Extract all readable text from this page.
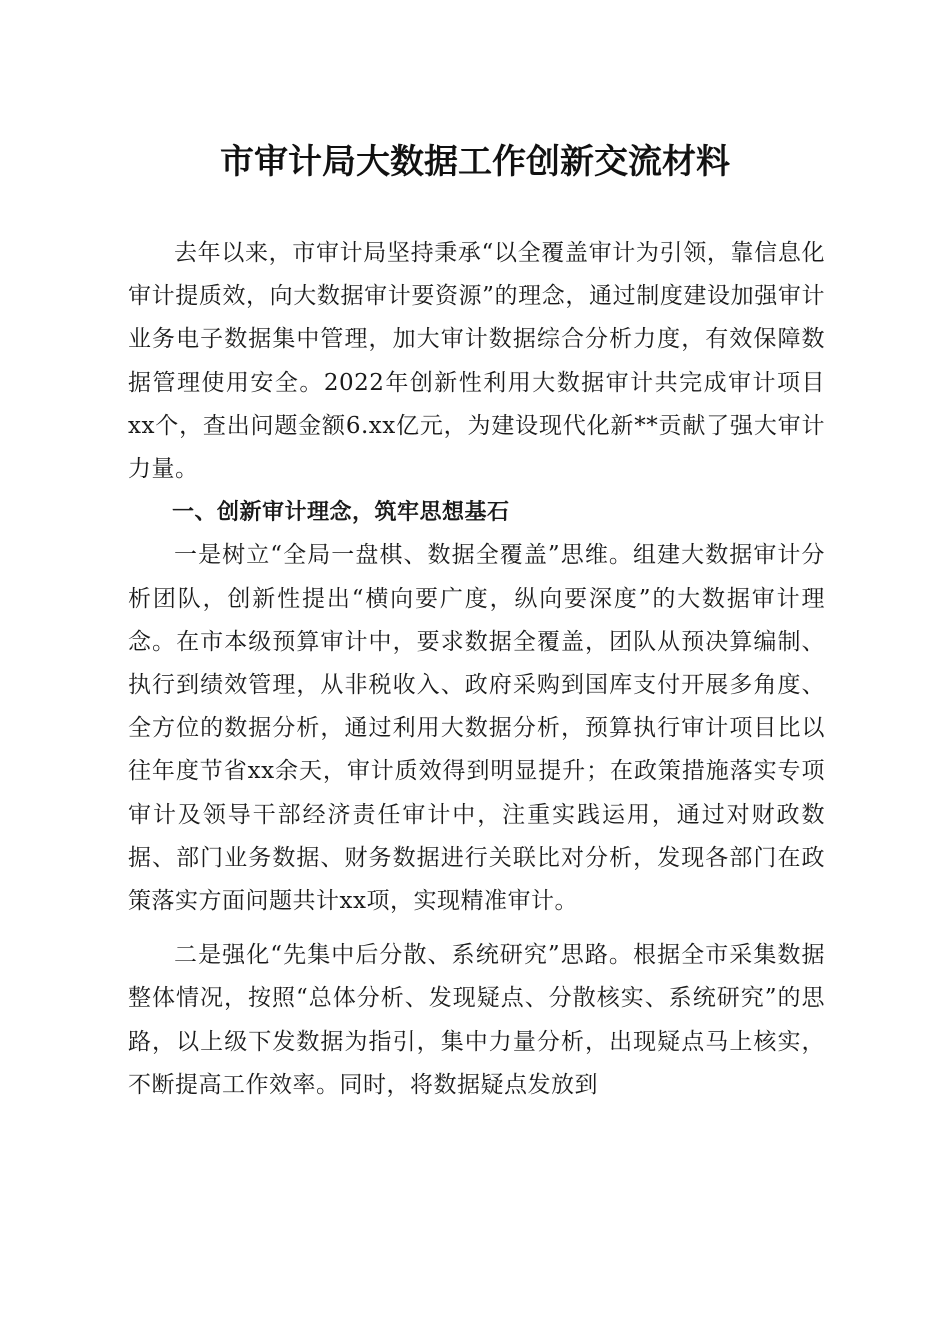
市审计局大数据工作创新交流材料

去年以来，市审计局坚持秉承“以全覆盖审计为引领，靠信息化审计提质效，向大数据审计要资源”的理念，通过制度建设加强审计业务电子数据集中管理，加大审计数据综合分析力度，有效保障数据管理使用安全。2022年创新性利用大数据审计共完成审计项目xx个，查出问题金额6.xx亿元，为建设现代化新**贡献了强大审计力量。

一、创新审计理念，筑牢思想基石

一是树立“全局一盘棋、数据全覆盖”思维。组建大数据审计分析团队，创新性提出“横向要广度，纵向要深度”的大数据审计理念。在市本级预算审计中，要求数据全覆盖，团队从预决算编制、执行到绩效管理，从非税收入、政府采购到国库支付开展多角度、全方位的数据分析，通过利用大数据分析，预算执行审计项目比以往年度节省xx余天，审计质效得到明显提升；在政策措施落实专项审计及领导干部经济责任审计中，注重实践运用，通过对财政数据、部门业务数据、财务数据进行关联比对分析，发现各部门在政策落实方面问题共计xx项，实现精准审计。

二是强化“先集中后分散、系统研究”思路。根据全市采集数据整体情况，按照“总体分析、发现疑点、分散核实、系统研究”的思路，以上级下发数据为指引，集中力量分析，出现疑点马上核实，不断提高工作效率。同时，将数据疑点发放到
